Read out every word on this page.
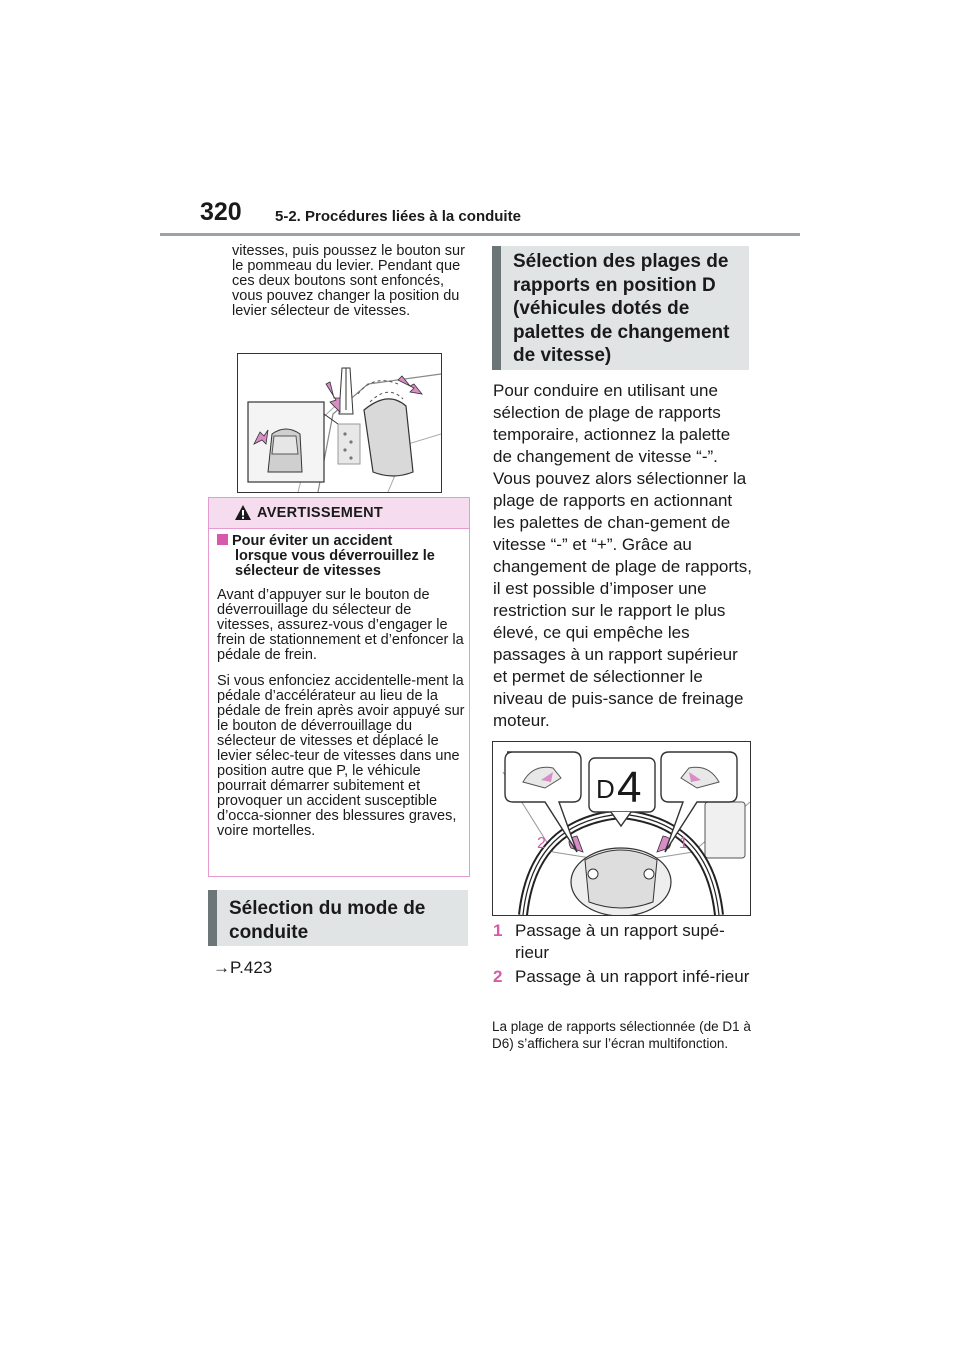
320 5-2. Procédures liées à la conduite
vitesses, puis poussez le bouton sur le pommeau du levier. Pendant que ces deux boutons sont enfoncés, vous pouvez changer la position du levier sélecteur de vitesses.
AVERTISSEMENT
Pour éviter un accident
lorsque vous déverrouillez le sélecteur de vitesses
Avant d’appuyer sur le bouton de déverrouillage du sélecteur de vitesses, assurez-vous d’engager le frein de stationnement et d’enfoncer la pédale de frein.
Si vous enfonciez accidentelle-ment la pédale d’accélérateur au lieu de la pédale de frein après avoir appuyé sur le bouton de déverrouillage du sélecteur de vitesses et déplacé le levier sélec-teur de vitesses dans une position autre que P, le véhicule pourrait démarrer subitement et provoquer un accident susceptible d’occa-sionner des blessures graves, voire mortelles.
Sélection du mode de conduite
→P.423
Sélection des plages de rapports en position D (véhicules dotés de palettes de changement de vitesse)
Pour conduire en utilisant une sélection de plage de rapports temporaire, actionnez la palette de changement de vitesse “-”. Vous pouvez alors sélectionner la plage de rapports en actionnant les palettes de chan-gement de vitesse “-” et “+”. Grâce au changement de plage de rapports, il est possible d’imposer une restriction sur le rapport le plus élevé, ce qui empêche les passages à un rapport supérieur et permet de sélectionner le niveau de puis-sance de freinage moteur.
D 4
2	1
1 Passage à un rapport supé-rieur
2 Passage à un rapport infé-rieur
La plage de rapports sélectionnée (de D1 à D6) s’affichera sur l’écran multifonction.
